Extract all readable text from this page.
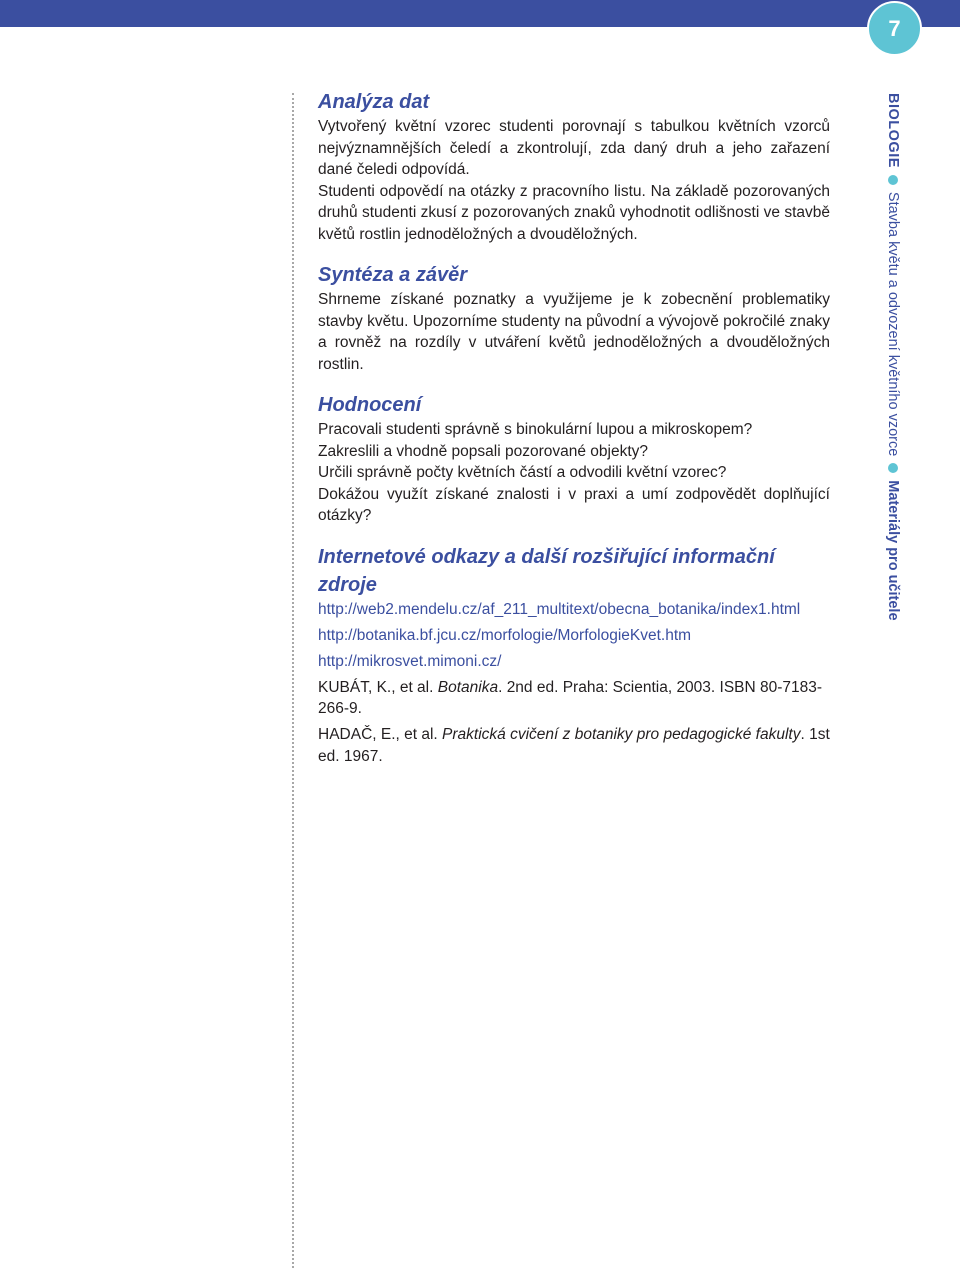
7
Analýza dat

Vytvořený květní vzorec studenti porovnají s tabulkou květních vzorců nejvýznamnějších čeledí a zkontrolují, zda daný druh a jeho zařazení dané čeledi odpovídá.

Studenti odpovědí na otázky z pracovního listu. Na základě pozorovaných druhů studenti zkusí z pozorovaných znaků vyhodnotit odlišnosti ve stavbě květů rostlin jednoděložných a dvouděložných.

Syntéza a závěr

Shrneme získané poznatky a využijeme je k zobecnění problematiky stavby květu. Upozorníme studenty na původní a vývojově pokročilé znaky a rovněž na rozdíly v utváření květů jednoděložných a dvouděložných rostlin.

Hodnocení

Pracovali studenti správně s binokulární lupou a mikroskopem?

Zakreslili a vhodně popsali pozorované objekty?

Určili správně počty květních částí a odvodili květní vzorec?

Dokážou využít získané znalosti i v praxi a umí zodpovědět doplňující otázky?

Internetové odkazy a další rozšiřující informační zdroje
http://web2.mendelu.cz/af_211_multitext/obecna_botanika/index1.html
http://botanika.bf.jcu.cz/morfologie/MorfologieKvet.htm
http://mikrosvet.mimoni.cz/

KUBÁT, K., et al. Botanika. 2nd ed. Praha: Scientia, 2003. ISBN 80-7183-266-9.

HADAČ, E., et al. Praktická cvičení z botaniky pro pedagogické fakulty. 1st ed. 1967.

BIOLOGIE
Stavba květu a odvození květního vzorce
Materiály pro učitele
